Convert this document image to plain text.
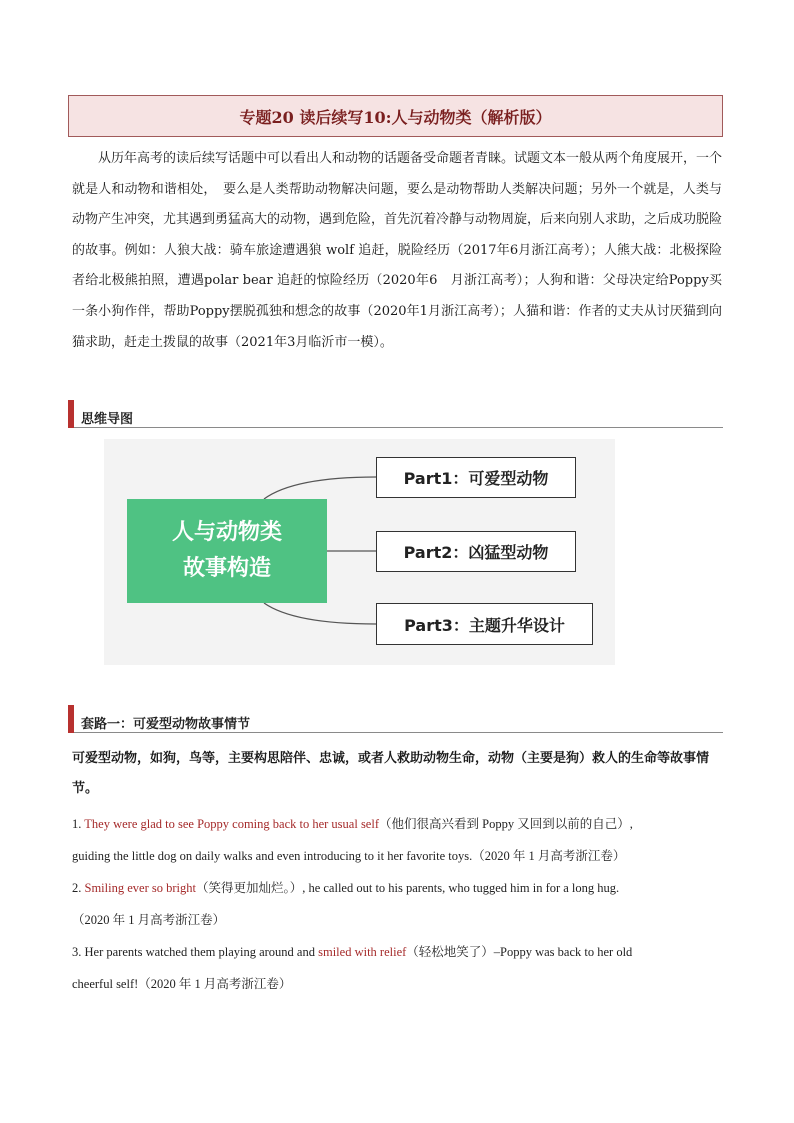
专题20 读后续写10:人与动物类（解析版）

从历年高考的读后续写话题中可以看出人和动物的话题备受命题者青睐。试题文本一般从两个角度展开，一个就是人和动物和谐相处，　要么是人类帮助动物解决问题，要么是动物帮助人类解决问题；另外一个就是，人类与动物产生冲突，尤其遇到勇猛高大的动物，遇到危险，首先沉着冷静与动物周旋，后来向别人求助，之后成功脱险的故事。例如：人狼大战：骑车旅途遭遇狼 wolf 追赶，脱险经历（2017年6月浙江高考）；人熊大战：北极探险者给北极熊拍照，遭遇polar bear 追赶的惊险经历（2020年6　月浙江高考）；人狗和谐：父母决定给Poppy买一条小狗作伴，帮助Poppy摆脱孤独和想念的故事（2020年1月浙江高考）；人猫和谐：作者的丈夫从讨厌猫到向猫求助，赶走土拨鼠的故事（2021年3月临沂市一模）。

思维导图
人与动物类
故事构造
Part1：可爱型动物
Part2：凶猛型动物
Part3：主题升华设计
套路一：可爱型动物故事情节

可爱型动物，如狗，鸟等，主要构思陪伴、忠诚，或者人救助动物生命，动物（主要是狗）救人的生命等故事情节。

1. They were glad to see Poppy coming back to her usual self（他们很高兴看到 Poppy 又回到以前的自己）,
guiding the little dog on daily walks and even introducing to it her favorite toys.（2020 年 1 月高考浙江卷）

2. Smiling ever so bright（笑得更加灿烂。）, he called out to his parents, who tugged him in for a long hug.
（2020 年 1 月高考浙江卷）

3. Her parents watched them playing around and smiled with relief（轻松地笑了）–Poppy was back to her old
cheerful self!（2020 年 1 月高考浙江卷）
